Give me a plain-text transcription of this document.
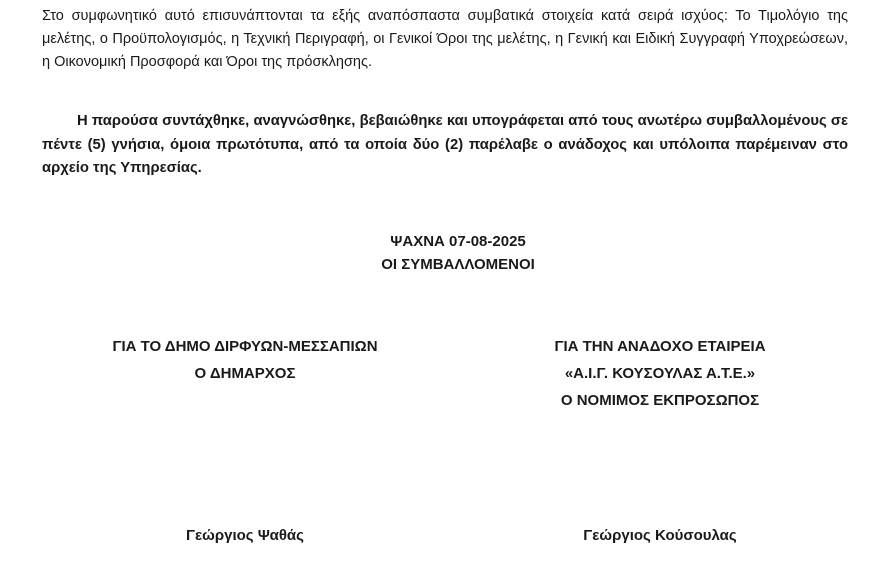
Στο συμφωνητικό αυτό επισυνάπτονται τα εξής αναπόσπαστα συμβατικά στοιχεία κατά σειρά ισχύος: Το Τιμολόγιο της μελέτης, ο Προϋπολογισμός, η Τεχνική Περιγραφή, οι Γενικοί Όροι της μελέτης, η Γενική και Ειδική Συγγραφή Υποχρεώσεων, η Οικονομική Προσφορά και Όροι της πρόσκλησης.
Η παρούσα συντάχθηκε, αναγνώσθηκε, βεβαιώθηκε και υπογράφεται από τους ανωτέρω συμβαλλομένους σε πέντε (5) γνήσια, όμοια πρωτότυπα, από τα οποία δύο (2) παρέλαβε ο ανάδοχος και υπόλοιπα παρέμειναν στο αρχείο της Υπηρεσίας.
ΨΑΧΝΑ 07-08-2025
ΟΙ ΣΥΜΒΑΛΛΟΜΕΝΟΙ
ΓΙΑ ΤΟ ΔΗΜΟ ΔΙΡΦΥΩΝ-ΜΕΣΣΑΠΙΩΝ
Ο ΔΗΜΑΡΧΟΣ
ΓΙΑ ΤΗΝ ΑΝΑΔΟΧΟ ΕΤΑΙΡΕΙΑ
«Α.Ι.Γ. ΚΟΥΣΟΥΛΑΣ Α.Τ.Ε.»
Ο ΝΟΜΙΜΟΣ ΕΚΠΡΟΣΩΠΟΣ
Γεώργιος Ψαθάς	Γεώργιος Κούσουλας
